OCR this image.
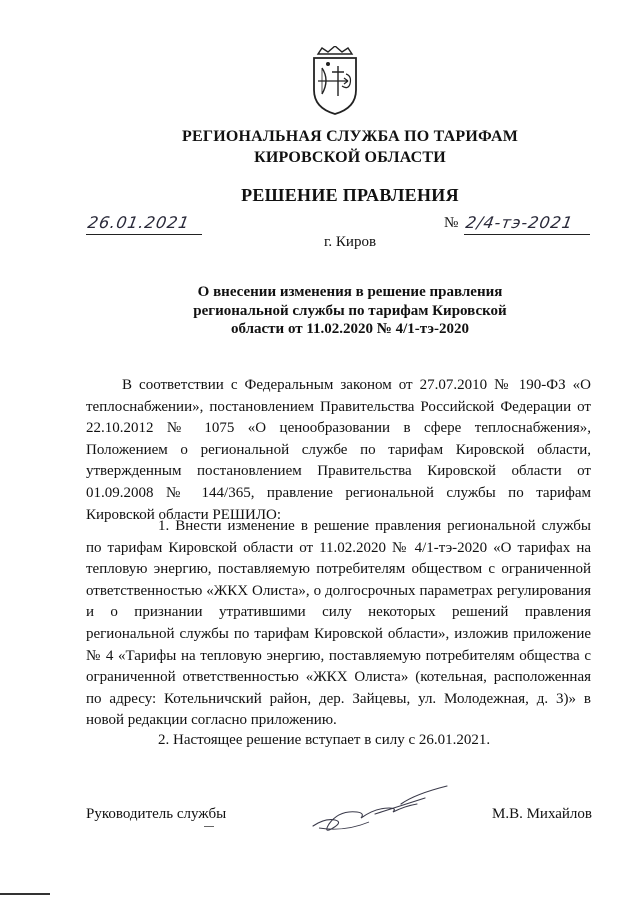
РЕГИОНАЛЬНАЯ СЛУЖБА ПО ТАРИФАМ
КИРОВСКОЙ ОБЛАСТИ
РЕШЕНИЕ ПРАВЛЕНИЯ
26.01.2021	№ 2/4-тэ-2021
г. Киров
О внесении изменения в решение правления
региональной службы по тарифам Кировской
области от 11.02.2020 № 4/1-тэ-2020

В соответствии с Федеральным законом от 27.07.2010 № 190-ФЗ «О теплоснабжении», постановлением Правительства Российской Федерации от 22.10.2012 № 1075 «О ценообразовании в сфере теплоснабжения», Положением о региональной службе по тарифам Кировской области, утвержденным постановлением Правительства Кировской области от 01.09.2008 № 144/365, правление региональной службы по тарифам Кировской области РЕШИЛО:

1. Внести изменение в решение правления региональной службы по тарифам Кировской области от 11.02.2020 № 4/1-тэ-2020 «О тарифах на тепловую энергию, поставляемую потребителям обществом с ограниченной ответственностью «ЖКХ Олиста», о долгосрочных параметрах регулирования и о признании утратившими силу некоторых решений правления региональной службы по тарифам Кировской области», изложив приложение № 4 «Тарифы на тепловую энергию, поставляемую потребителям общества с ограниченной ответственностью «ЖКХ Олиста» (котельная, расположенная по адресу: Котельничский район, дер. Зайцевы, ул. Молодежная, д. 3)» в новой редакции согласно приложению.

2. Настоящее решение вступает в силу с 26.01.2021.

Руководитель службы	М.В. Михайлов
